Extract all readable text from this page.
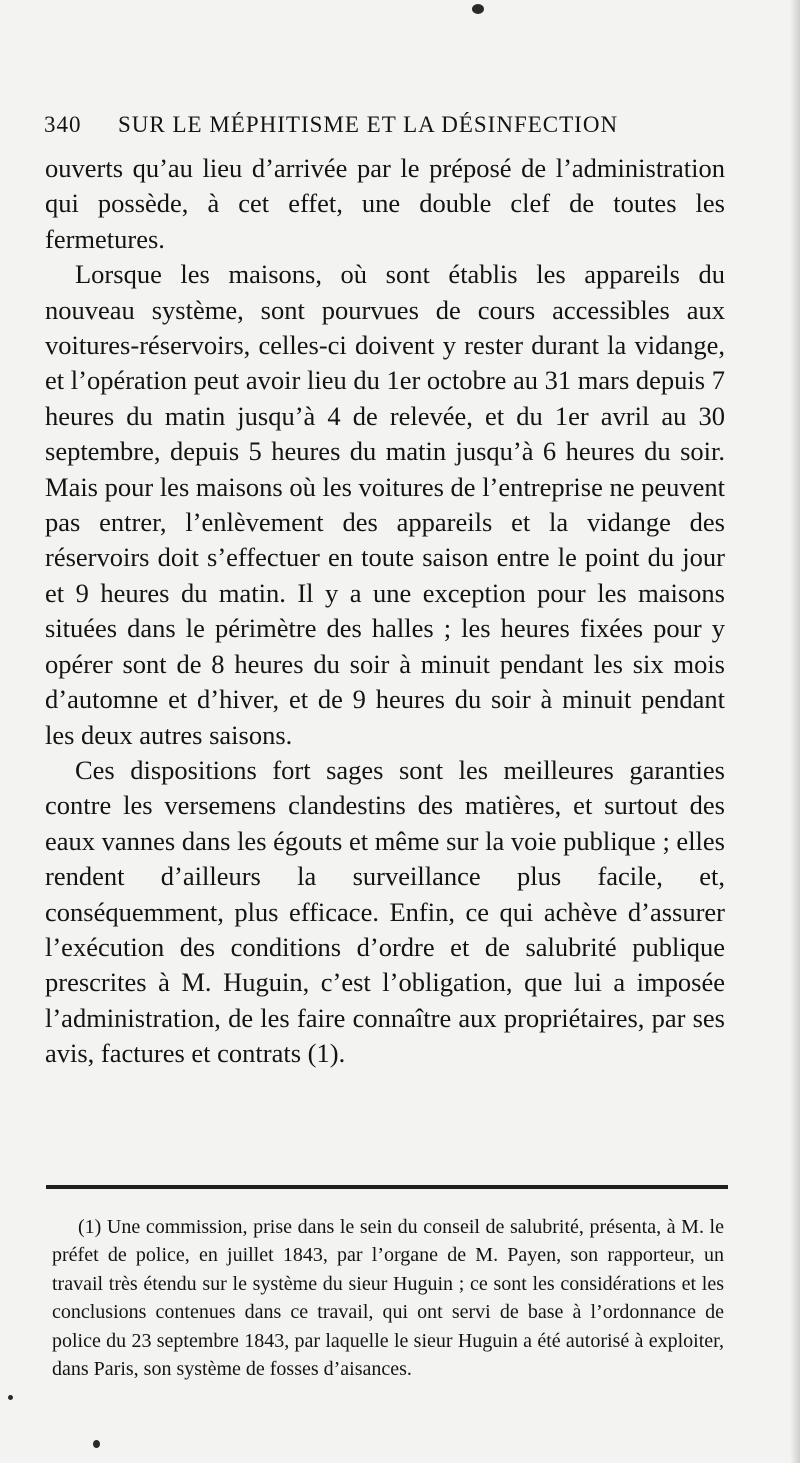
340 SUR LE MÉPHITISME ET LA DÉSINFECTION

ouverts qu’au lieu d’arrivée par le préposé de l’administration qui possède, à cet effet, une double clef de toutes les fermetures.

Lorsque les maisons, où sont établis les appareils du nouveau système, sont pourvues de cours accessibles aux voitures-réservoirs, celles-ci doivent y rester durant la vidange, et l’opération peut avoir lieu du 1er octobre au 31 mars depuis 7 heures du matin jusqu’à 4 de relevée, et du 1er avril au 30 septembre, depuis 5 heures du matin jusqu’à 6 heures du soir. Mais pour les maisons où les voitures de l’entreprise ne peuvent pas entrer, l’enlèvement des appareils et la vidange des réservoirs doit s’effectuer en toute saison entre le point du jour et 9 heures du matin. Il y a une exception pour les maisons situées dans le périmètre des halles ; les heures fixées pour y opérer sont de 8 heures du soir à minuit pendant les six mois d’automne et d’hiver, et de 9 heures du soir à minuit pendant les deux autres saisons.

Ces dispositions fort sages sont les meilleures garanties contre les versemens clandestins des matières, et surtout des eaux vannes dans les égouts et même sur la voie publique ; elles rendent d’ailleurs la surveillance plus facile, et, conséquemment, plus efficace. Enfin, ce qui achève d’assurer l’exécution des conditions d’ordre et de salubrité publique prescrites à M. Huguin, c’est l’obligation, que lui a imposée l’administration, de les faire connaître aux propriétaires, par ses avis, factures et contrats (1).

(1) Une commission, prise dans le sein du conseil de salubrité, présenta, à M. le préfet de police, en juillet 1843, par l’organe de M. Payen, son rapporteur, un travail très étendu sur le système du sieur Huguin ; ce sont les considérations et les conclusions contenues dans ce travail, qui ont servi de base à l’ordonnance de police du 23 septembre 1843, par laquelle le sieur Huguin a été autorisé à exploiter, dans Paris, son système de fosses d’aisances.
